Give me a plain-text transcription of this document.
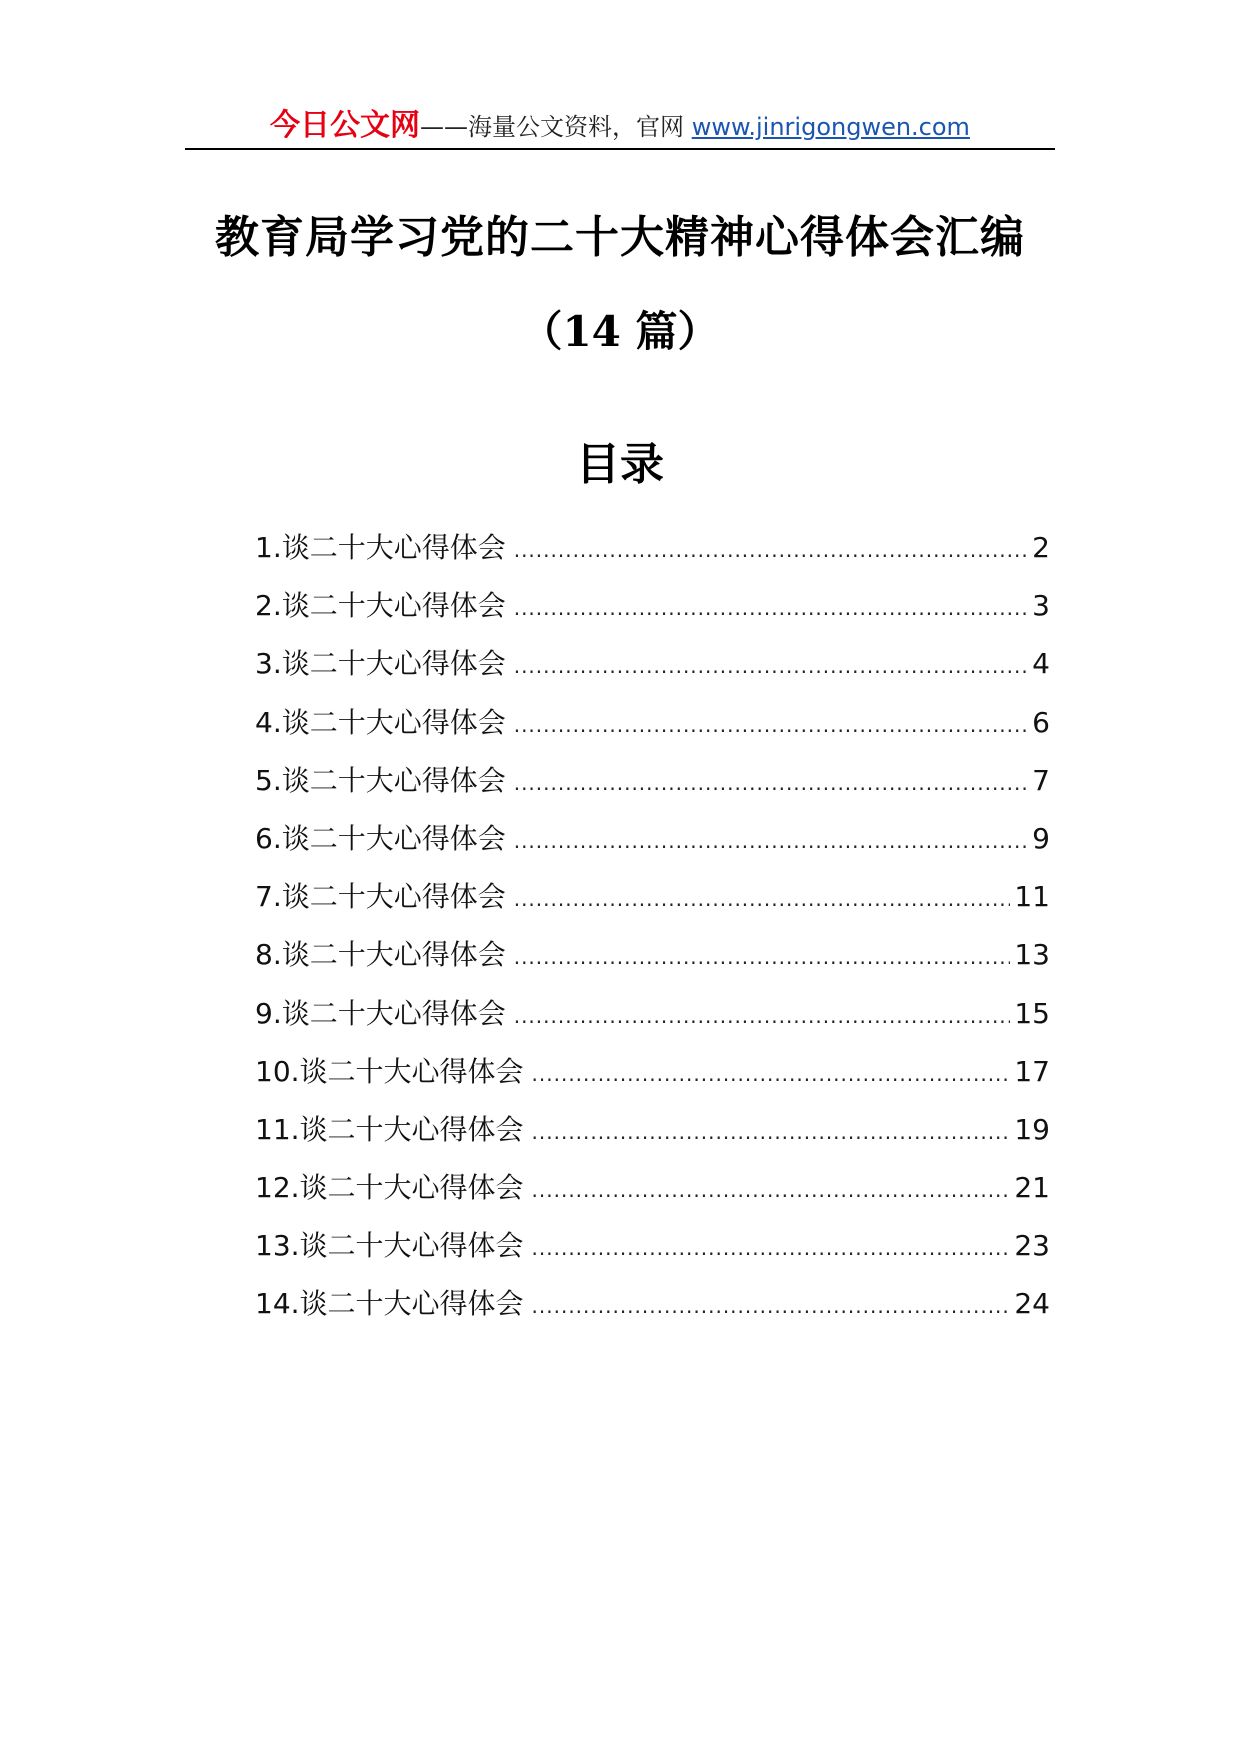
今日公文网——海量公文资料，官网 www.jinrigongwen.com
教育局学习党的二十大精神心得体会汇编
（14 篇）
目录
1.谈二十大心得体会 .....	2
2.谈二十大心得体会 .....	3
3.谈二十大心得体会 .....	4
4.谈二十大心得体会 .....	6
5.谈二十大心得体会 .....	7
6.谈二十大心得体会 .....	9
7.谈二十大心得体会 .....	11
8.谈二十大心得体会 .....	13
9.谈二十大心得体会 .....	15
10.谈二十大心得体会 .....	17
11.谈二十大心得体会 .....	19
12.谈二十大心得体会 .....	21
13.谈二十大心得体会 .....	23
14.谈二十大心得体会 .....	24
